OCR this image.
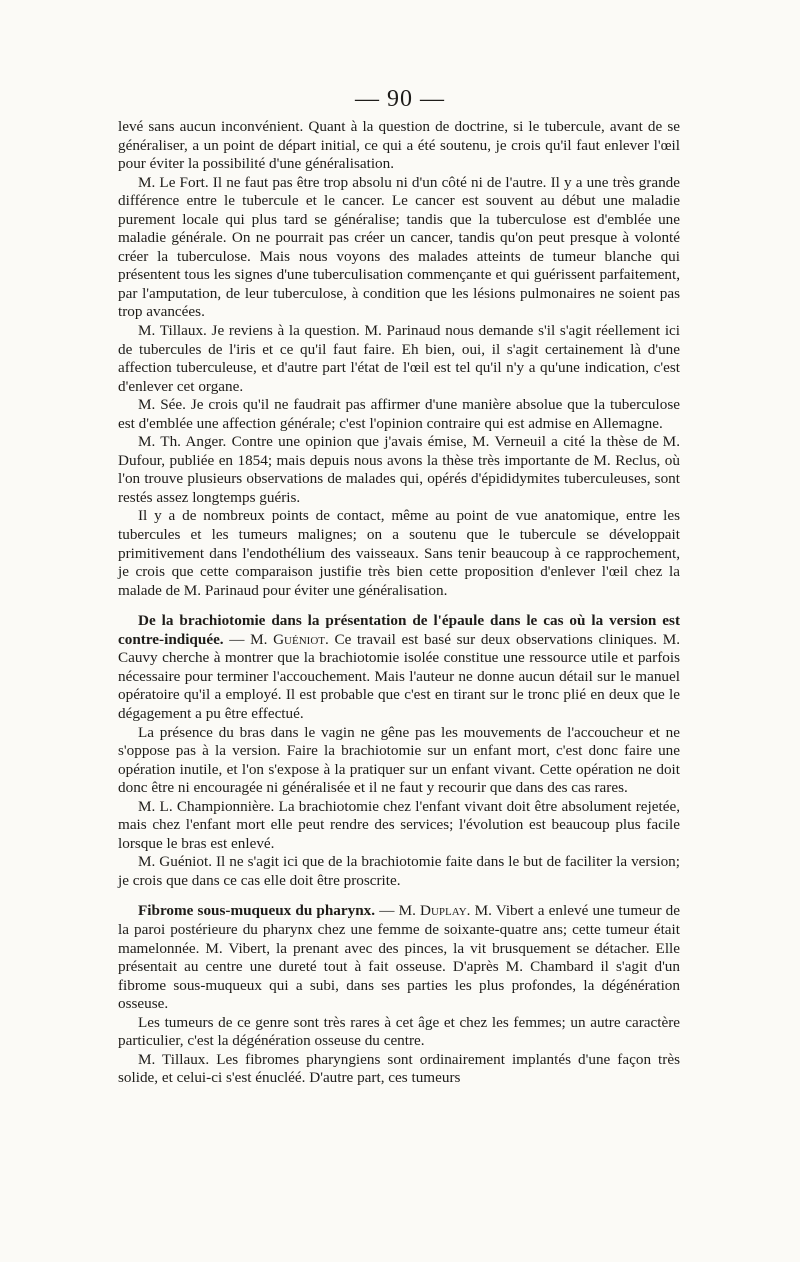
— 90 —

levé sans aucun inconvénient. Quant à la question de doctrine, si le tubercule, avant de se généraliser, a un point de départ initial, ce qui a été soutenu, je crois qu'il faut enlever l'œil pour éviter la possibilité d'une généralisation.

M. Le Fort. Il ne faut pas être trop absolu ni d'un côté ni de l'autre. Il y a une très grande différence entre le tubercule et le cancer. Le cancer est souvent au début une maladie purement locale qui plus tard se généralise; tandis que la tuberculose est d'emblée une maladie générale. On ne pourrait pas créer un cancer, tandis qu'on peut presque à volonté créer la tuberculose. Mais nous voyons des malades atteints de tumeur blanche qui présentent tous les signes d'une tuberculisation commençante et qui guérissent parfaitement, par l'amputation, de leur tuberculose, à condition que les lésions pulmonaires ne soient pas trop avancées.

M. Tillaux. Je reviens à la question. M. Parinaud nous demande s'il s'agit réellement ici de tubercules de l'iris et ce qu'il faut faire. Eh bien, oui, il s'agit certainement là d'une affection tuberculeuse, et d'autre part l'état de l'œil est tel qu'il n'y a qu'une indication, c'est d'enlever cet organe.

M. Sée. Je crois qu'il ne faudrait pas affirmer d'une manière absolue que la tuberculose est d'emblée une affection générale; c'est l'opinion contraire qui est admise en Allemagne.

M. Th. Anger. Contre une opinion que j'avais émise, M. Verneuil a cité la thèse de M. Dufour, publiée en 1854; mais depuis nous avons la thèse très importante de M. Reclus, où l'on trouve plusieurs observations de malades qui, opérés d'épididymites tuberculeuses, sont restés assez longtemps guéris.

Il y a de nombreux points de contact, même au point de vue anatomique, entre les tubercules et les tumeurs malignes; on a soutenu que le tubercule se développait primitivement dans l'endothélium des vaisseaux. Sans tenir beaucoup à ce rapprochement, je crois que cette comparaison justifie très bien cette proposition d'enlever l'œil chez la malade de M. Parinaud pour éviter une généralisation.

De la brachiotomie dans la présentation de l'épaule dans le cas où la version est contre-indiquée. — M. Guéniot. Ce travail est basé sur deux observations cliniques. M. Cauvy cherche à montrer que la brachiotomie isolée constitue une ressource utile et parfois nécessaire pour terminer l'accouchement. Mais l'auteur ne donne aucun détail sur le manuel opératoire qu'il a employé. Il est probable que c'est en tirant sur le tronc plié en deux que le dégagement a pu être effectué.

La présence du bras dans le vagin ne gêne pas les mouvements de l'accoucheur et ne s'oppose pas à la version. Faire la brachiotomie sur un enfant mort, c'est donc faire une opération inutile, et l'on s'expose à la pratiquer sur un enfant vivant. Cette opération ne doit donc être ni encouragée ni généralisée et il ne faut y recourir que dans des cas rares.

M. L. Championnière. La brachiotomie chez l'enfant vivant doit être absolument rejetée, mais chez l'enfant mort elle peut rendre des services; l'évolution est beaucoup plus facile lorsque le bras est enlevé.

M. Guéniot. Il ne s'agit ici que de la brachiotomie faite dans le but de faciliter la version; je crois que dans ce cas elle doit être proscrite.

Fibrome sous-muqueux du pharynx. — M. Duplay. M. Vibert a enlevé une tumeur de la paroi postérieure du pharynx chez une femme de soixante-quatre ans; cette tumeur était mamelonnée. M. Vibert, la prenant avec des pinces, la vit brusquement se détacher. Elle présentait au centre une dureté tout à fait osseuse. D'après M. Chambard il s'agit d'un fibrome sous-muqueux qui a subi, dans ses parties les plus profondes, la dégénération osseuse.

Les tumeurs de ce genre sont très rares à cet âge et chez les femmes; un autre caractère particulier, c'est la dégénération osseuse du centre.

M. Tillaux. Les fibromes pharyngiens sont ordinairement implantés d'une façon très solide, et celui-ci s'est énucléé. D'autre part, ces tumeurs
